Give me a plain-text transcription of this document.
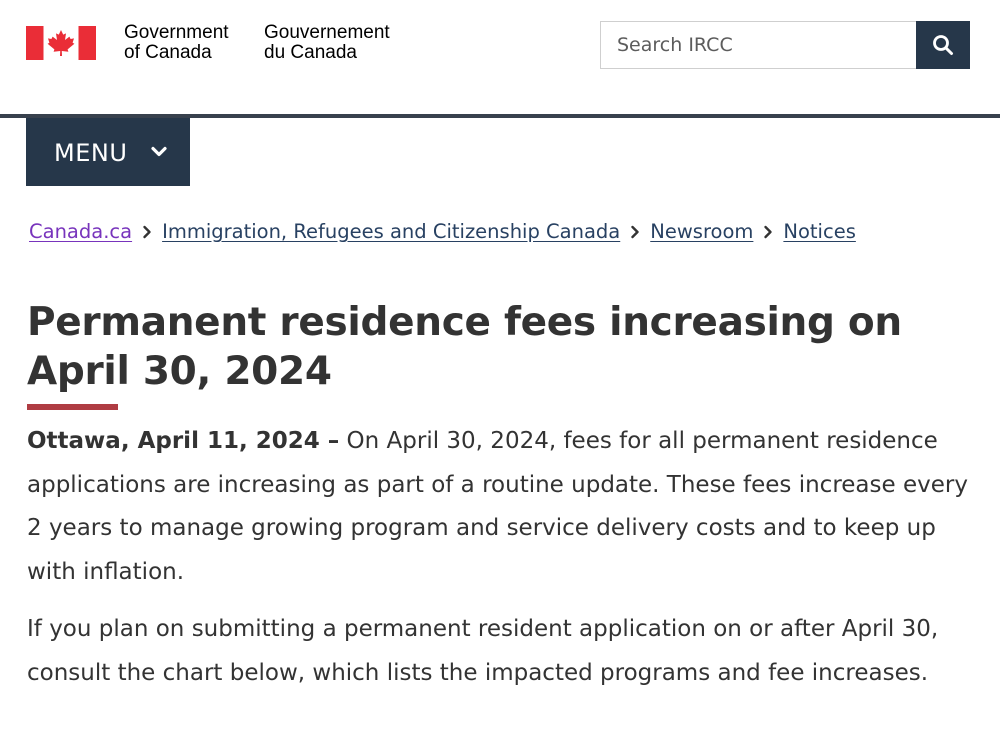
Government
of Canada
Gouvernement
du Canada
Search IRCC
MENU
Canada.ca Immigration, Refugees and Citizenship Canada Newsroom Notices
Permanent residence fees increasing on April 30, 2024

Ottawa, April 11, 2024 – On April 30, 2024, fees for all permanent residence applications are increasing as part of a routine update. These fees increase every 2 years to manage growing program and service delivery costs and to keep up with inflation.

If you plan on submitting a permanent resident application on or after April 30, consult the chart below, which lists the impacted programs and fee increases.
